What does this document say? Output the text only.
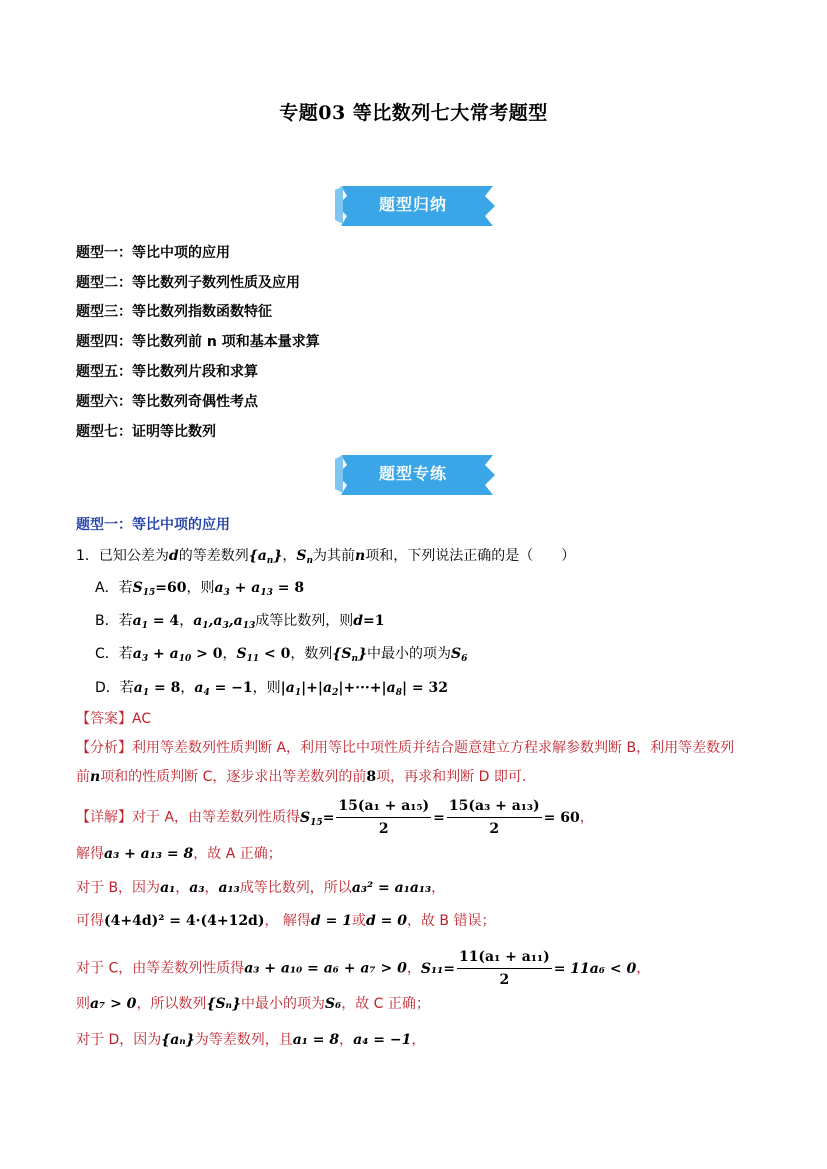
专题03 等比数列七大常考题型
题型归纳
题型一：等比中项的应用
题型二：等比数列子数列性质及应用
题型三：等比数列指数函数特征
题型四：等比数列前 n 项和基本量求算
题型五：等比数列片段和求算
题型六：等比数列奇偶性考点
题型七：证明等比数列
题型专练
题型一：等比中项的应用
1．已知公差为d的等差数列$\{a_n\}$，$S_n$为其前n项和，下列说法正确的是（　　）
A．若$S_{15}=60$，则$a_3 + a_{13} = 8$
B．若$a_1 = 4$，$a_1,a_3,a_{13}$成等比数列，则d=1
C．若$a_3 + a_{10} > 0$，$S_{11} < 0$，数列$\{S_n\}$中最小的项为$S_6$
D．若$a_1 = 8$，$a_4 = -1$，则$|a_1|+|a_2|+\cdot\cdot\cdot+|a_8| = 32$
【答案】AC
【分析】利用等差数列性质判断 A，利用等比中项性质并结合题意建立方程求解参数判断 B，利用等差数列
前n项和的性质判断 C，逐步求出等差数列的前8项，再求和判断 D 即可.
【详解】对于 A，由等差数列性质得$S_{15}= \frac{\text{15(a₁ + a₁₅)}}{2} = \frac{\text{15(a₃ + a₁₃)}}{2} = 60$，
解得a₃ + a₁₃ = 8，故 A 正确；
对于 B，因为a₁，a₃，a₁₃成等比数列，所以a₃² = a₁a₁₃，
可得(4+4d)² = 4·(4+12d)， 解得d = 1或d = 0，故 B 错误；
对于 C，由等差数列性质得a₃ + a₁₀ = a₆ + a₇ > 0，$S_{11}= \frac{\text{11(a₁ + a₁₁)}}{2} = 11a_6 < 0$，
则a₇ > 0，所以数列{Sₙ}中最小的项为S₆，故 C 正确；
对于 D，因为{aₙ}为等差数列，且a₁ = 8，a₄ = −1，
